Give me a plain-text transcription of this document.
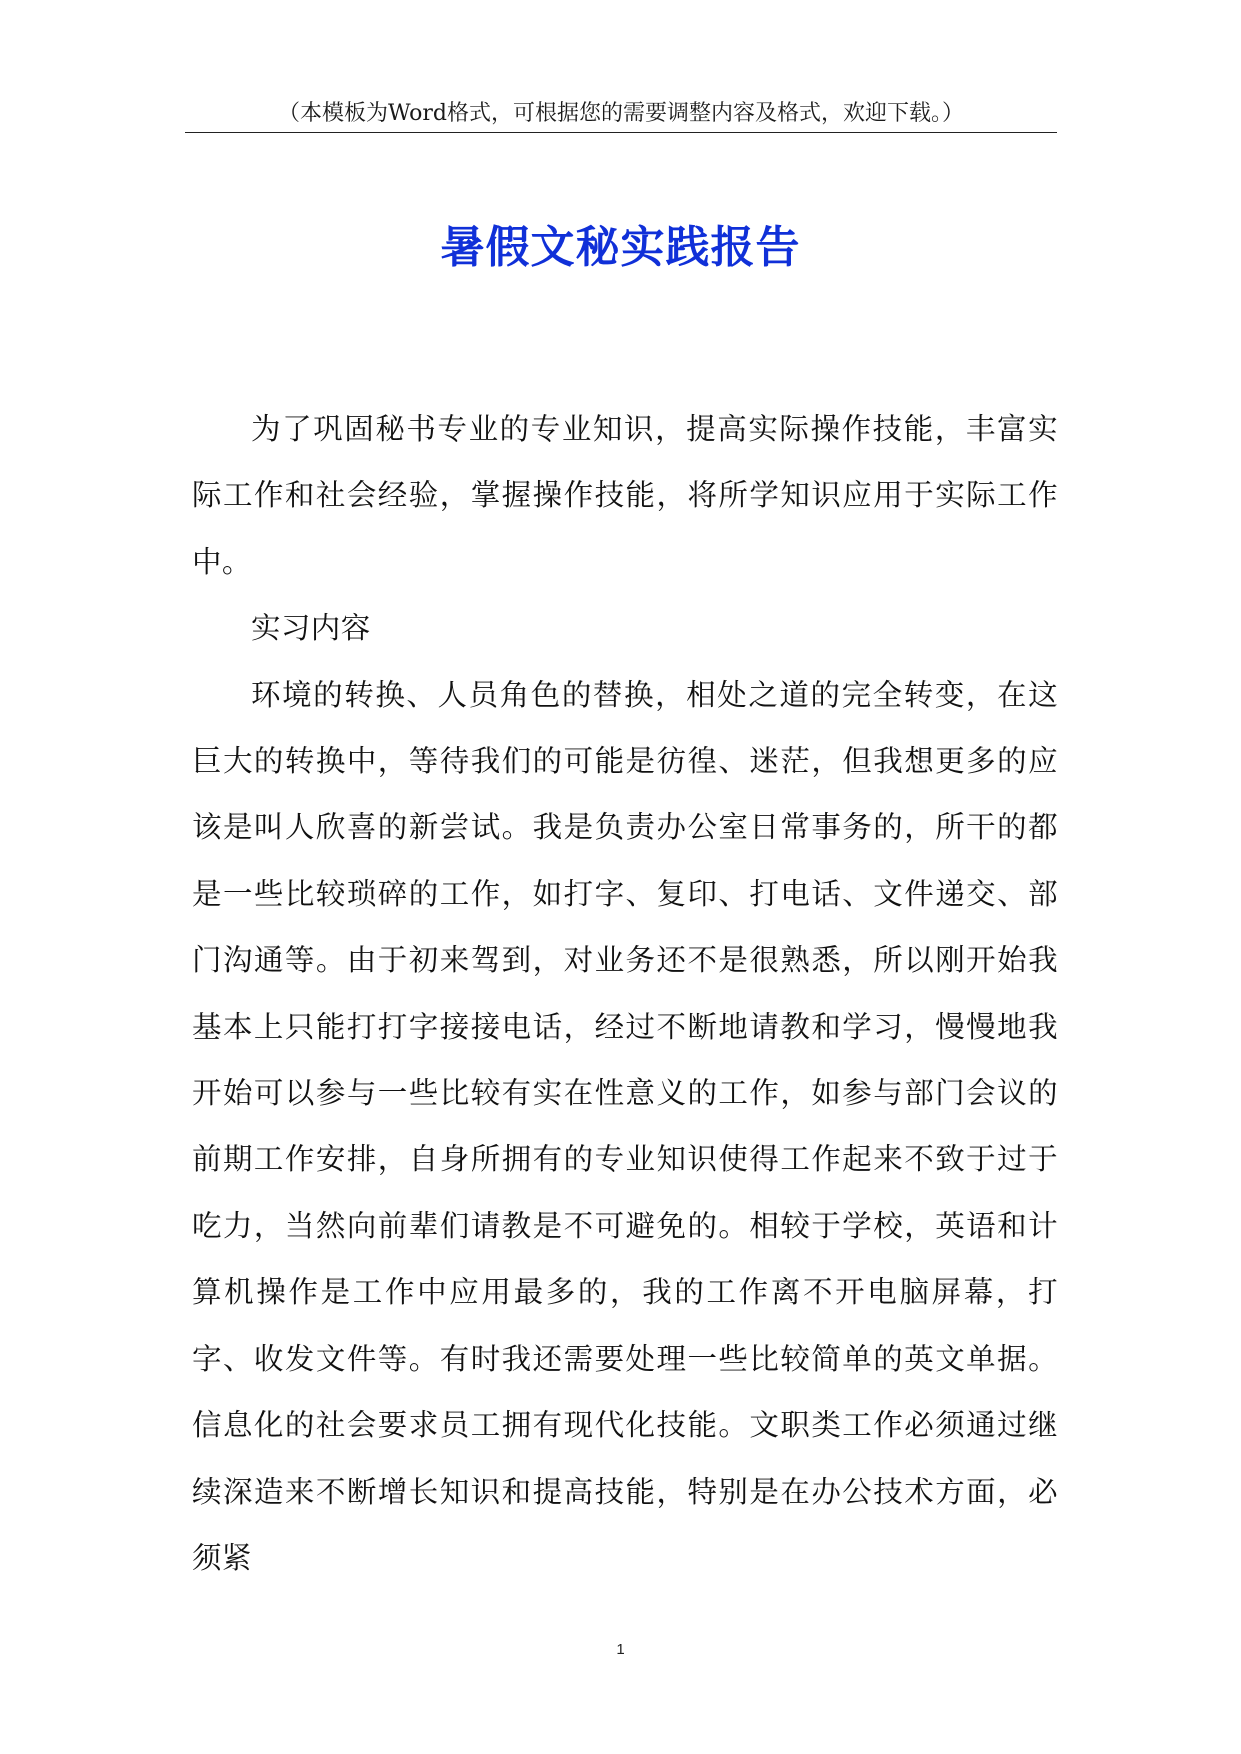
（本模板为Word格式，可根据您的需要调整内容及格式，欢迎下载。）
暑假文秘实践报告

为了巩固秘书专业的专业知识，提高实际操作技能，丰富实际工作和社会经验，掌握操作技能，将所学知识应用于实际工作中。

实习内容

环境的转换、人员角色的替换，相处之道的完全转变，在这巨大的转换中，等待我们的可能是彷徨、迷茫，但我想更多的应该是叫人欣喜的新尝试。我是负责办公室日常事务的，所干的都是一些比较琐碎的工作，如打字、复印、打电话、文件递交、部门沟通等。由于初来驾到，对业务还不是很熟悉，所以刚开始我基本上只能打打字接接电话，经过不断地请教和学习，慢慢地我开始可以参与一些比较有实在性意义的工作，如参与部门会议的前期工作安排，自身所拥有的专业知识使得工作起来不致于过于吃力，当然向前辈们请教是不可避免的。相较于学校，英语和计算机操作是工作中应用最多的，我的工作离不开电脑屏幕，打字、收发文件等。有时我还需要处理一些比较简单的英文单据。信息化的社会要求员工拥有现代化技能。文职类工作必须通过继续深造来不断增长知识和提高技能，特别是在办公技术方面，必须紧

1
